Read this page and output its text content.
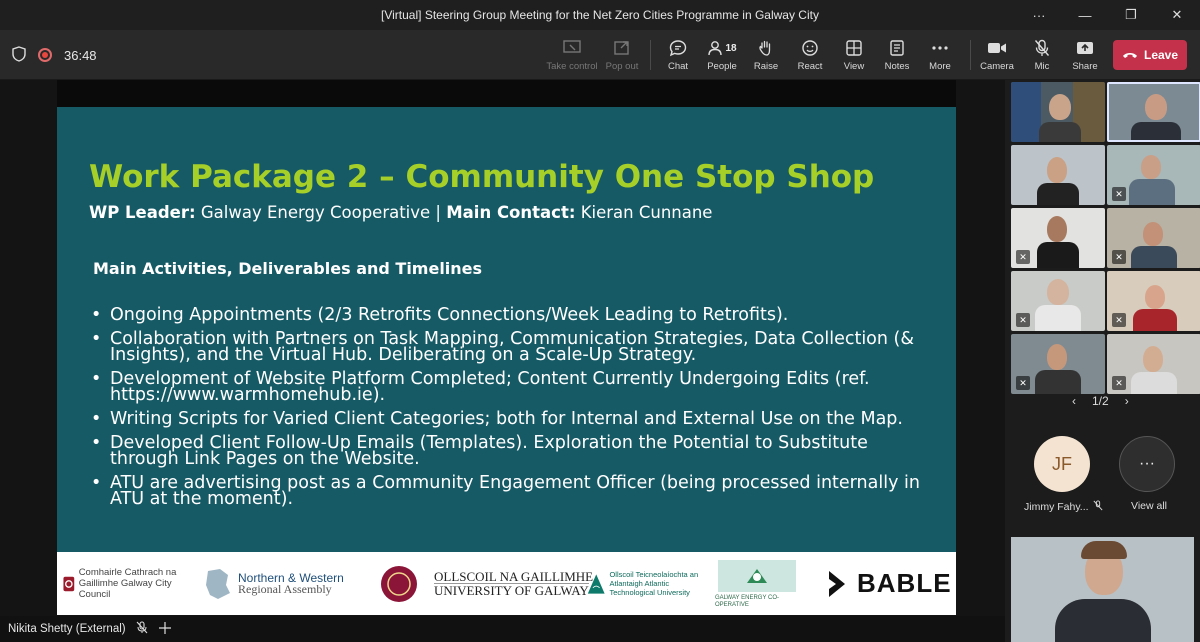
[Virtual] Steering Group Meeting for the Net Zero Cities Programme in Galway City	···	—	❐	✕
36:48
Take control Pop out	Chat
18
People Raise React View Notes More	Camera Mic Share
Leave
Work Package 2 – Community One Stop Shop
WP Leader: Galway Energy Cooperative | Main Contact: Kieran Cunnane
Main Activities, Deliverables and Timelines
• Ongoing Appointments (2/3 Retrofits Connections/Week Leading to Retrofits).
• Collaboration with Partners on Task Mapping, Communication Strategies, Data Collection (& Insights), and the Virtual Hub. Deliberating on a Scale-Up Strategy.
• Development of Website Platform Completed; Content Currently Undergoing Edits (ref. https://www.warmhomehub.ie).
• Writing Scripts for Varied Client Categories; both for Internal and External Use on the Map.
• Developed Client Follow-Up Emails (Templates). Exploration the Potential to Substitute through Link Pages on the Website.
• ATU are advertising post as a Community Engagement Officer (being processed internally in ATU at the moment).
Comhairle Cathrach na Gaillimhe Galway City Council
Northern & Western
Regional Assembly
OLLSCOIL NA GAILLIMHE
UNIVERSITY OF GALWAY
Ollscoil Teicneolaíochta an Atlantaigh Atlantic Technological University
GALWAY ENERGY CO-OPERATIVE
BABLE
Nikita Shetty (External)
✕
✕	✕
✕	✕
✕	✕
‹ 1/2 ›
JF
Jimmy Fahy...
···
View all
